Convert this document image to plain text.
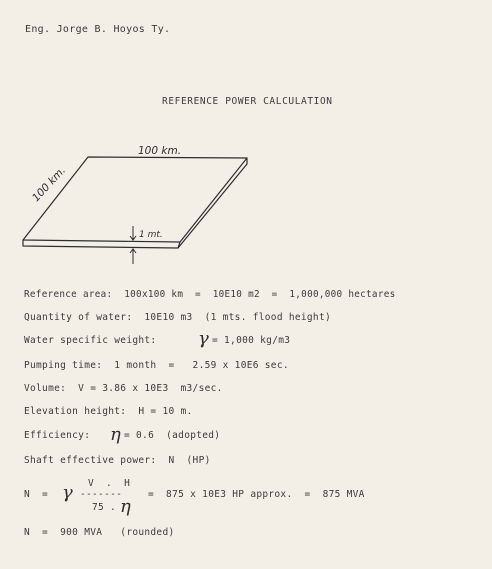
Eng. Jorge B. Hoyos Ty.
REFERENCE POWER CALCULATION
100 km.
100 km.
1 mt.
Reference area:  100x100 km  =  10E10 m2  =  1,000,000 hectares
Quantity of water:  10E10 m3  (1 mts. flood height)
Water specific weight: γ = 1,000 kg/m3
Pumping time:  1 month  =   2.59 x 10E6 sec.
Volume:  V = 3.86 x 10E3  m3/sec.
Elevation height:  H = 10 m.
Efficiency: η = 0.6  (adopted)
Shaft effective power:  N  (HP)
N  = γ V  .  H
-------
75 . η
=  875 x 10E3 HP approx.  =  875 MVA
N  =  900 MVA   (rounded)
